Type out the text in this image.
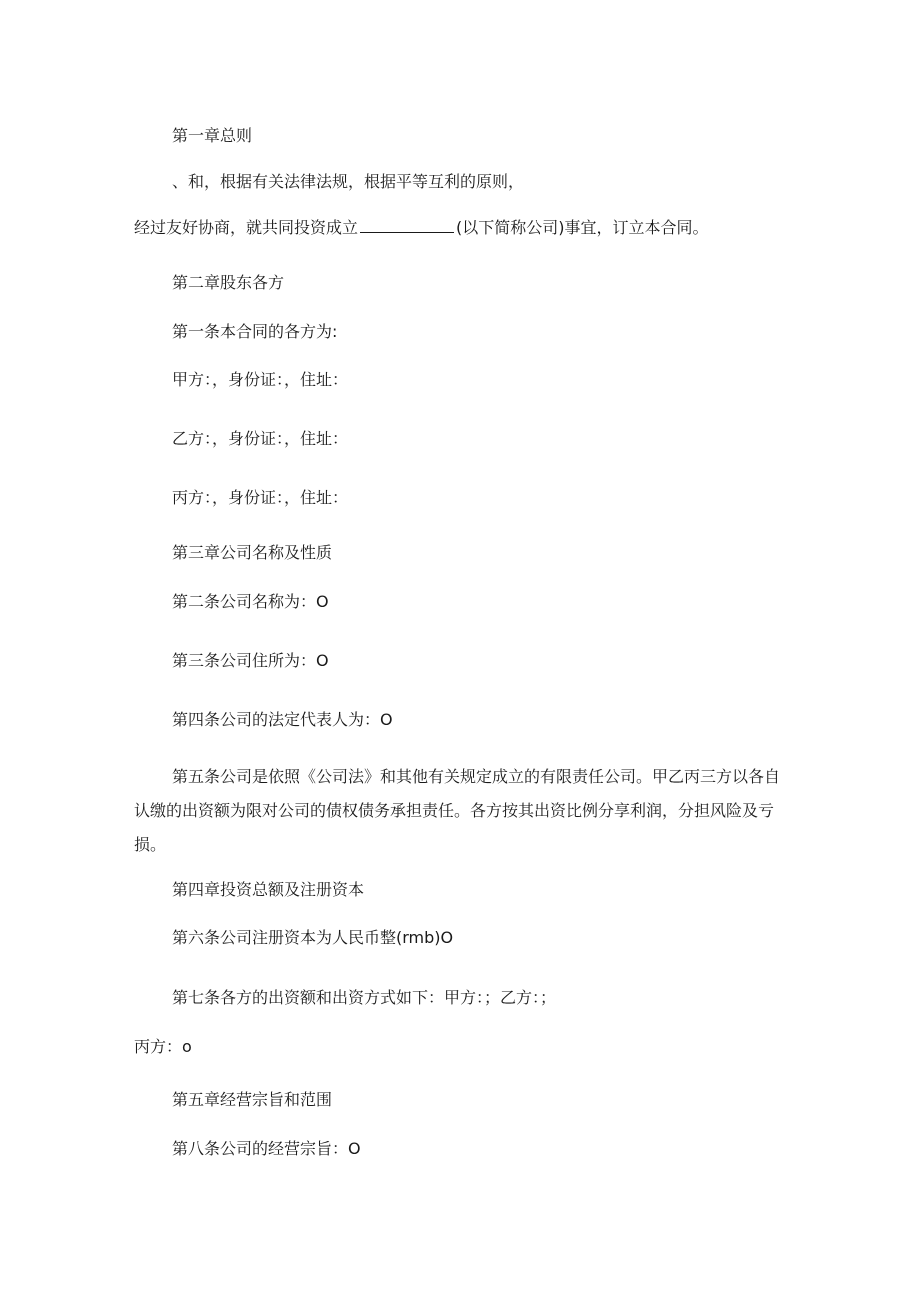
第一章总则
、和，根据有关法律法规，根据平等互利的原则，
经过友好协商，就共同投资成立	(以下简称公司)事宜，订立本合同。
第二章股东各方
第一条本合同的各方为:
甲方：，身份证：，住址：
乙方：，身份证：，住址：
丙方：，身份证：，住址：
第三章公司名称及性质
第二条公司名称为：O
第三条公司住所为：O
第四条公司的法定代表人为：O
第五条公司是依照《公司法》和其他有关规定成立的有限责任公司。甲乙丙三方以各自认缴的出资额为限对公司的债权债务承担责任。各方按其出资比例分享利润，分担风险及亏损。
第四章投资总额及注册资本
第六条公司注册资本为人民币整(rmb)O
第七条各方的出资额和出资方式如下：甲方：；乙方：；
丙方：o
第五章经营宗旨和范围
第八条公司的经营宗旨：O
